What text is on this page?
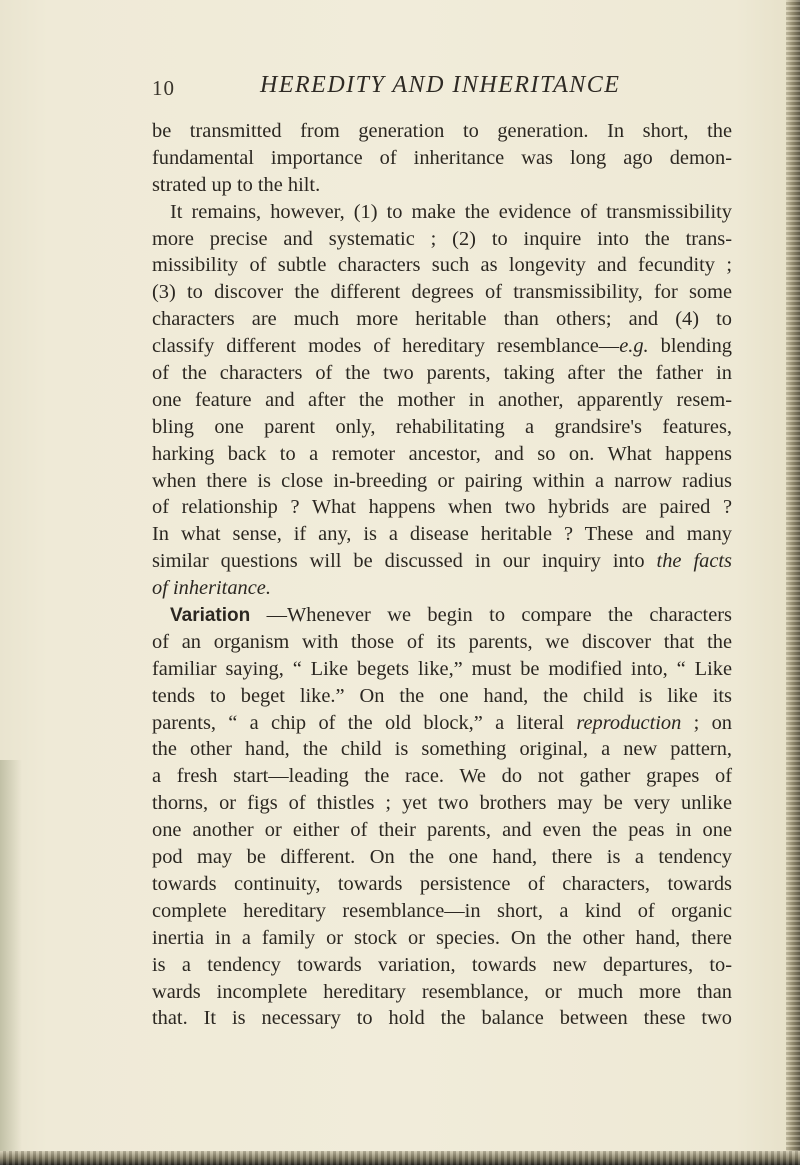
10	HEREDITY AND INHERITANCE
be transmitted from generation to generation. In short, the
fundamental importance of inheritance was long ago demon-
strated up to the hilt.
It remains, however, (1) to make the evidence of transmissibility
more precise and systematic ; (2) to inquire into the trans-
missibility of subtle characters such as longevity and fecundity ;
(3) to discover the different degrees of transmissibility, for some
characters are much more heritable than others; and (4) to
classify different modes of hereditary resemblance—e.g. blending
of the characters of the two parents, taking after the father in
one feature and after the mother in another, apparently resem-
bling one parent only, rehabilitating a grandsire's features,
harking back to a remoter ancestor, and so on. What happens
when there is close in-breeding or pairing within a narrow radius
of relationship ? What happens when two hybrids are paired ?
In what sense, if any, is a disease heritable ? These and many
similar questions will be discussed in our inquiry into the facts
of inheritance.
Variation —Whenever we begin to compare the characters
of an organism with those of its parents, we discover that the
familiar saying, “ Like begets like,” must be modified into, “ Like
tends to beget like.” On the one hand, the child is like its
parents, “ a chip of the old block,” a literal reproduction ; on
the other hand, the child is something original, a new pattern,
a fresh start—leading the race. We do not gather grapes of
thorns, or figs of thistles ; yet two brothers may be very unlike
one another or either of their parents, and even the peas in one
pod may be different. On the one hand, there is a tendency
towards continuity, towards persistence of characters, towards
complete hereditary resemblance—in short, a kind of organic
inertia in a family or stock or species. On the other hand, there
is a tendency towards variation, towards new departures, to-
wards incomplete hereditary resemblance, or much more than
that. It is necessary to hold the balance between these two
